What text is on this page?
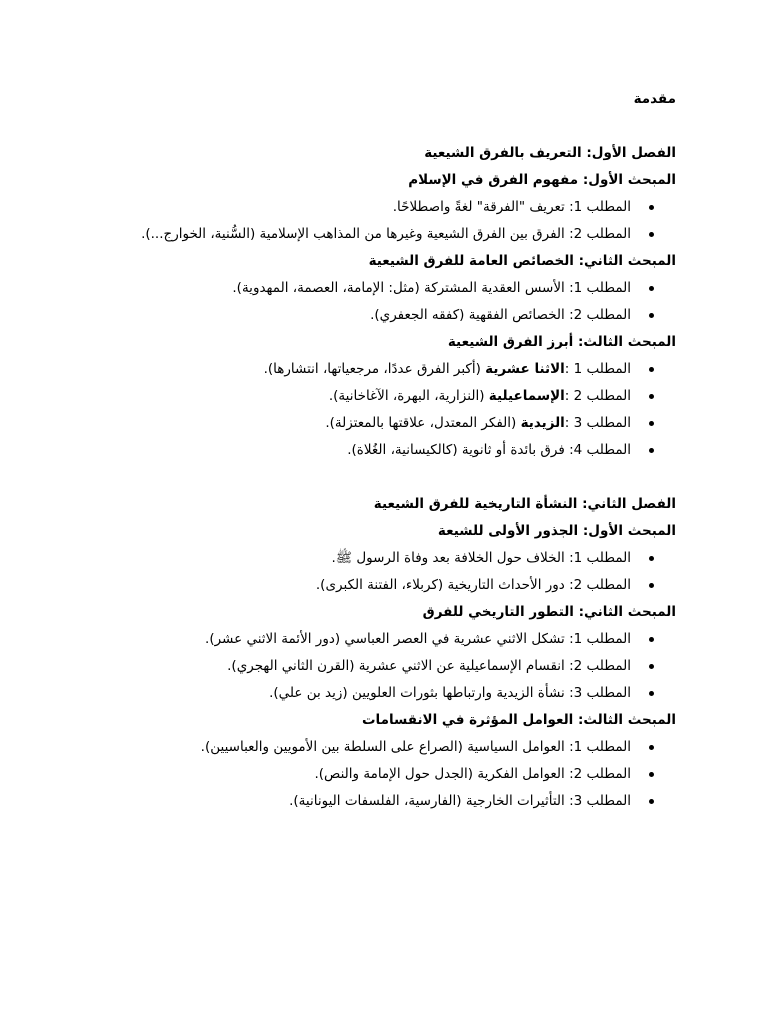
مقدمة
الفصل الأول: التعريف بالفرق الشيعية
المبحث الأول: مفهوم الفرق في الإسلام
المطلب 1: تعريف "الفرقة" لغةً واصطلاحًا.
المطلب 2: الفرق بين الفرق الشيعية وغيرها من المذاهب الإسلامية (السُّنية، الخوارج...).
المبحث الثاني: الخصائص العامة للفرق الشيعية
المطلب 1: الأسس العقدية المشتركة (مثل: الإمامة، العصمة، المهدوية).
المطلب 2: الخصائص الفقهية (كفقه الجعفري).
المبحث الثالث: أبرز الفرق الشيعية
المطلب 1 :الاثنا عشرية (أكبر الفرق عددًا، مرجعياتها، انتشارها).
المطلب 2 :الإسماعيلية (النزارية، البهرة، الآغاخانية).
المطلب 3 :الزيدية (الفكر المعتدل، علاقتها بالمعتزلة).
المطلب 4: فرق بائدة أو ثانوية (كالكيسانية، الغُلاة).
الفصل الثاني: النشأة التاريخية للفرق الشيعية
المبحث الأول: الجذور الأولى للشيعة
المطلب 1: الخلاف حول الخلافة بعد وفاة الرسول ﷺ.
المطلب 2: دور الأحداث التاريخية (كربلاء، الفتنة الكبرى).
المبحث الثاني: التطور التاريخي للفرق
المطلب 1: تشكل الاثني عشرية في العصر العباسي (دور الأئمة الاثني عشر).
المطلب 2: انقسام الإسماعيلية عن الاثني عشرية (القرن الثاني الهجري).
المطلب 3: نشأة الزيدية وارتباطها بثورات العلويين (زيد بن علي).
المبحث الثالث: العوامل المؤثرة في الانقسامات
المطلب 1: العوامل السياسية (الصراع على السلطة بين الأمويين والعباسيين).
المطلب 2: العوامل الفكرية (الجدل حول الإمامة والنص).
المطلب 3: التأثيرات الخارجية (الفارسية، الفلسفات اليونانية).
